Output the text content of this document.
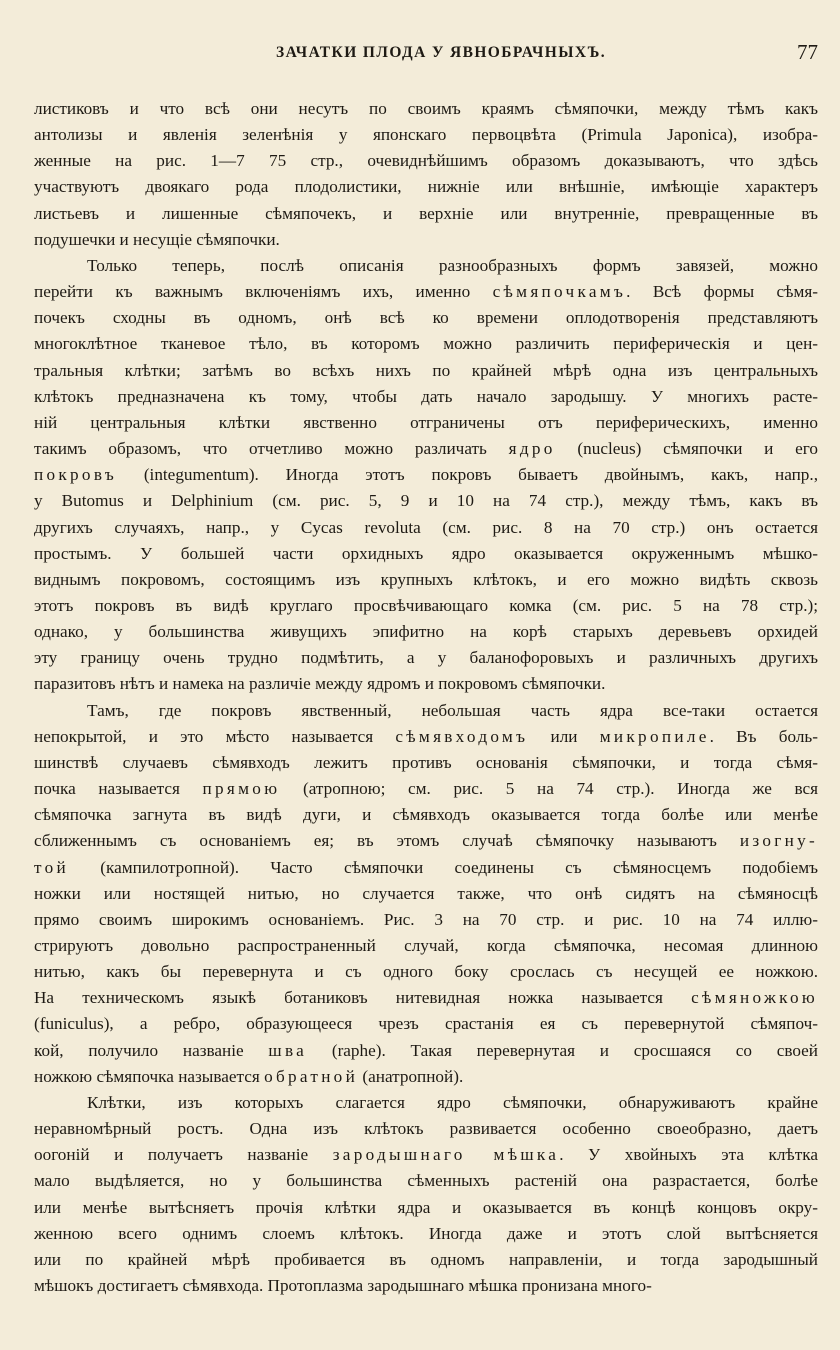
ЗАЧАТКИ ПЛОДА У ЯВНОБРАЧНЫХЪ.	77

листиковъ и что всѣ они несутъ по своимъ краямъ сѣмяпочки, между тѣмъ какъ

антолизы и явленія зеленѣнія у японскаго первоцвѣта (Primula Japonica), изобра-

женные на рис. 1—7 75 стр., очевиднѣйшимъ образомъ доказываютъ, что здѣсь

участвуютъ двоякаго рода плодолистики, нижніе или внѣшніе, имѣющіе характеръ

листьевъ и лишенные сѣмяпочекъ, и верхніе или внутренніе, превращенные въ

подушечки и несущіе сѣмяпочки.

Только теперь, послѣ описанія разнообразныхъ формъ завязей, можно

перейти къ важнымъ включеніямъ ихъ, именно сѣмяпочкамъ. Всѣ формы сѣмя-

почекъ сходны въ одномъ, онѣ всѣ ко времени оплодотворенія представляютъ

многоклѣтное тканевое тѣло, въ которомъ можно различить периферическія и цен-

тральныя клѣтки; затѣмъ во всѣхъ нихъ по крайней мѣрѣ одна изъ центральныхъ

клѣтокъ предназначена къ тому, чтобы дать начало зародышу. У многихъ расте-

ній центральныя клѣтки явственно отграничены отъ периферическихъ, именно

такимъ образомъ, что отчетливо можно различать ядро (nucleus) сѣмяпочки и его

покровъ (integumentum). Иногда этотъ покровъ бываетъ двойнымъ, какъ, напр.,

у Butomus и Delphinium (см. рис. 5, 9 и 10 на 74 стр.), между тѣмъ, какъ въ

другихъ случаяхъ, напр., у Cycas revoluta (см. рис. 8 на 70 стр.) онъ остается

простымъ. У большей части орхидныхъ ядро оказывается окруженнымъ мѣшко-

виднымъ покровомъ, состоящимъ изъ крупныхъ клѣтокъ, и его можно видѣть сквозь

этотъ покровъ въ видѣ круглаго просвѣчивающаго комка (см. рис. 5 на 78 стр.);

однако, у большинства живущихъ эпифитно на корѣ старыхъ деревьевъ орхидей

эту границу очень трудно подмѣтить, а у баланофоровыхъ и различныхъ другихъ

паразитовъ нѣтъ и намека на различіе между ядромъ и покровомъ сѣмяпочки.

Тамъ, где покровъ явственный, небольшая часть ядра все-таки остается

непокрытой, и это мѣсто называется сѣмявходомъ или микропиле. Въ боль-

шинствѣ случаевъ сѣмявходъ лежитъ противъ основанія сѣмяпочки, и тогда сѣмя-

почка называется прямою (атропною; см. рис. 5 на 74 стр.). Иногда же вся

сѣмяпочка загнута въ видѣ дуги, и сѣмявходъ оказывается тогда болѣе или менѣе

сближеннымъ съ основаніемъ ея; въ этомъ случаѣ сѣмяпочку называютъ изогну-

той (кампилотропной). Часто сѣмяпочки соединены съ сѣмяносцемъ подобіемъ

ножки или ностящей нитью, но случается также, что онѣ сидятъ на сѣмяносцѣ

прямо своимъ широкимъ основаніемъ. Рис. 3 на 70 стр. и рис. 10 на 74 иллю-

стрируютъ довольно распространенный случай, когда сѣмяпочка, несомая длинною

нитью, какъ бы перевернута и съ одного боку срослась съ несущей ее ножкою.

На техническомъ языкѣ ботаниковъ нитевидная ножка называется сѣмяножкою

(funiculus), а ребро, образующееся чрезъ срастанія ея съ перевернутой сѣмяпоч-

кой, получило названіе шва (raphe). Такая перевернутая и сросшаяся со своей

ножкою сѣмяпочка называется обратной (анатропной).

Клѣтки, изъ которыхъ слагается ядро сѣмяпочки, обнаруживаютъ крайне

неравномѣрный ростъ. Одна изъ клѣтокъ развивается особенно своеобразно, даетъ

оогоній и получаетъ названіе зародышнаго мѣшка. У хвойныхъ эта клѣтка

мало выдѣляется, но у большинства сѣменныхъ растеній она разрастается, болѣе

или менѣе вытѣсняетъ прочія клѣтки ядра и оказывается въ концѣ концовъ окру-

женною всего однимъ слоемъ клѣтокъ. Иногда даже и этотъ слой вытѣсняется

или по крайней мѣрѣ пробивается въ одномъ направленіи, и тогда зародышный

мѣшокъ достигаетъ сѣмявхода. Протоплазма зародышнаго мѣшка пронизана много-
